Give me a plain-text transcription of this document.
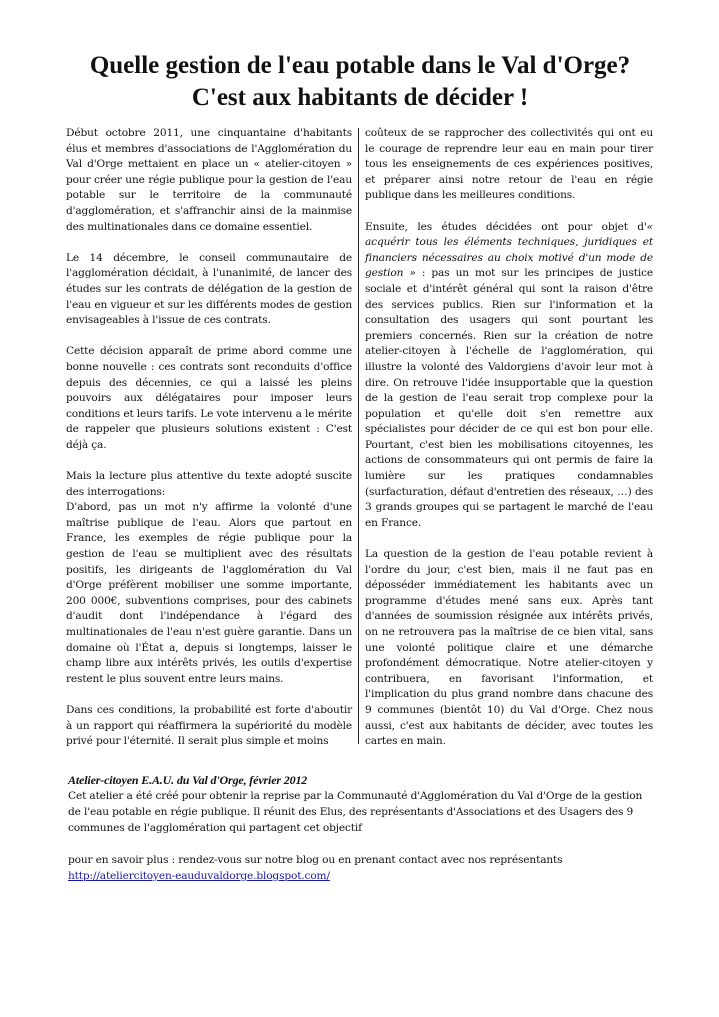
Quelle gestion de l'eau potable dans le Val d'Orge?
C'est aux habitants de décider !

Début octobre 2011, une cinquantaine d'habitants élus et membres d'associations de l'Agglomération du Val d'Orge mettaient en place un « atelier-citoyen » pour créer une régie publique pour la gestion de l'eau potable sur le territoire de la communauté d'agglomération, et s'affranchir ainsi de la mainmise des multinationales dans ce domaine essentiel.

Le 14 décembre, le conseil communautaire de l'agglomération décidait, à l'unanimité, de lancer des études sur les contrats de délégation de la gestion de l'eau en vigueur et sur les différents modes de gestion envisageables à l'issue de ces contrats.

Cette décision apparaît de prime abord comme une bonne nouvelle : ces contrats sont reconduits d'office depuis des décennies, ce qui a laissé les pleins pouvoirs aux délégataires pour imposer leurs conditions et leurs tarifs. Le vote intervenu a le mérite de rappeler que plusieurs solutions existent : C'est déjà ça.

Mais la lecture plus attentive du texte adopté suscite des interrogations:

D'abord, pas un mot n'y affirme la volonté d'une maîtrise publique de l'eau. Alors que partout en France, les exemples de régie publique pour la gestion de l'eau se multiplient avec des résultats positifs, les dirigeants de l'agglomération du Val d'Orge préfèrent mobiliser une somme importante, 200 000€, subventions comprises, pour des cabinets d'audit dont l'indépendance à l'égard des multinationales de l'eau n'est guère garantie. Dans un domaine où l'État a, depuis si longtemps, laisser le champ libre aux intérêts privés, les outils d'expertise restent le plus souvent entre leurs mains.

Dans ces conditions, la probabilité est forte d'aboutir à un rapport qui réaffirmera la supériorité du modèle privé pour l'éternité. Il serait plus simple et moins

coûteux de se rapprocher des collectivités qui ont eu le courage de reprendre leur eau en main pour tirer tous les enseignements de ces expériences positives, et préparer ainsi notre retour de l'eau en régie publique dans les meilleures conditions.

Ensuite, les études décidées ont pour objet d'« acquérir tous les éléments techniques, juridiques et financiers nécessaires au choix motivé d'un mode de gestion » : pas un mot sur les principes de justice sociale et d'intérêt général qui sont la raison d'être des services publics. Rien sur l'information et la consultation des usagers qui sont pourtant les premiers concernés. Rien sur la création de notre atelier-citoyen à l'échelle de l'agglomération, qui illustre la volonté des Valdorgiens d'avoir leur mot à dire. On retrouve l'idée insupportable que la question de la gestion de l'eau serait trop complexe pour la population et qu'elle doit s'en remettre aux spécialistes pour décider de ce qui est bon pour elle. Pourtant, c'est bien les mobilisations citoyennes, les actions de consommateurs qui ont permis de faire la lumière sur les pratiques condamnables (surfacturation, défaut d'entretien des réseaux, …) des 3 grands groupes qui se partagent le marché de l'eau en France.

La question de la gestion de l'eau potable revient à l'ordre du jour, c'est bien, mais il ne faut pas en déposséder immédiatement les habitants avec un programme d'études mené sans eux. Après tant d'années de soumission résignée aux intérêts privés, on ne retrouvera pas la maîtrise de ce bien vital, sans une volonté politique claire et une démarche profondément démocratique. Notre atelier-citoyen y contribuera, en favorisant l'information, et l'implication du plus grand nombre dans chacune des 9 communes (bientôt 10) du Val d'Orge. Chez nous aussi, c'est aux habitants de décider, avec toutes les cartes en main.

Atelier-citoyen E.A.U. du Val d'Orge, février 2012
Cet atelier a été créé pour obtenir la reprise par la Communauté d'Agglomération du Val d'Orge de la gestion de l'eau potable en régie publique. Il réunit des Elus, des représentants d'Associations et des Usagers des 9 communes de l'agglomération qui partagent cet objectif
pour en savoir plus : rendez-vous sur notre blog ou en prenant contact avec nos représentants
http://ateliercitoyen-eauduvaldorge.blogspot.com/
